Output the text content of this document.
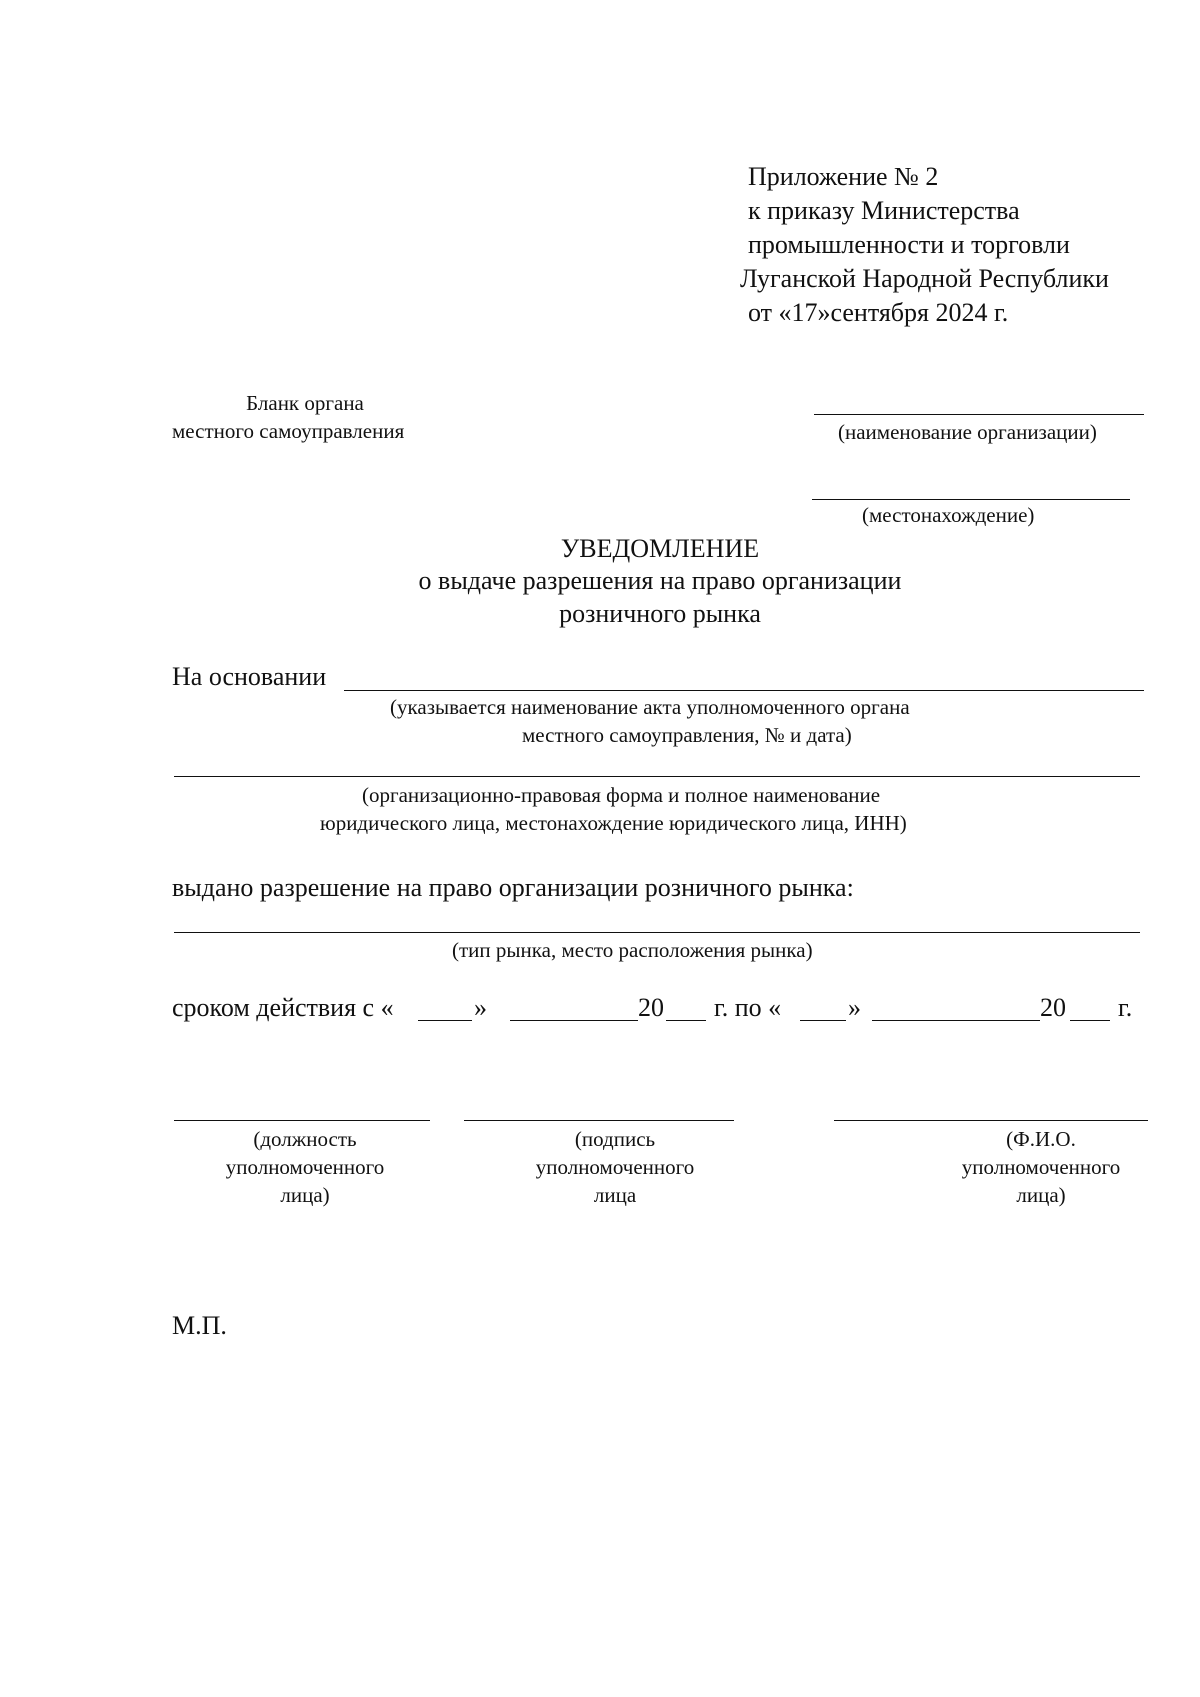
Приложение № 2
к приказу Министерства
промышленности и торговли
Луганской Народной Республики
от «17»сентября 2024 г.
Бланк органа
местного самоуправления	(наименование организации)
(местонахождение)
УВЕДОМЛЕНИЕ
о выдаче разрешения на право организации
розничного рынка
На основании
(указывается наименование акта уполномоченного органа
местного самоуправления, № и дата)
(организационно-правовая форма и полное наименование
юридического лица, местонахождение юридического лица, ИНН)
выдано разрешение на право организации розничного рынка:
(тип рынка, место расположения рынка)
сроком действия с «	»	20 г. по «	»	20 г.
(должность
уполномоченного
лица)
(подпись
уполномоченного
лица
(Ф.И.О.
уполномоченного
лица)
М.П.
